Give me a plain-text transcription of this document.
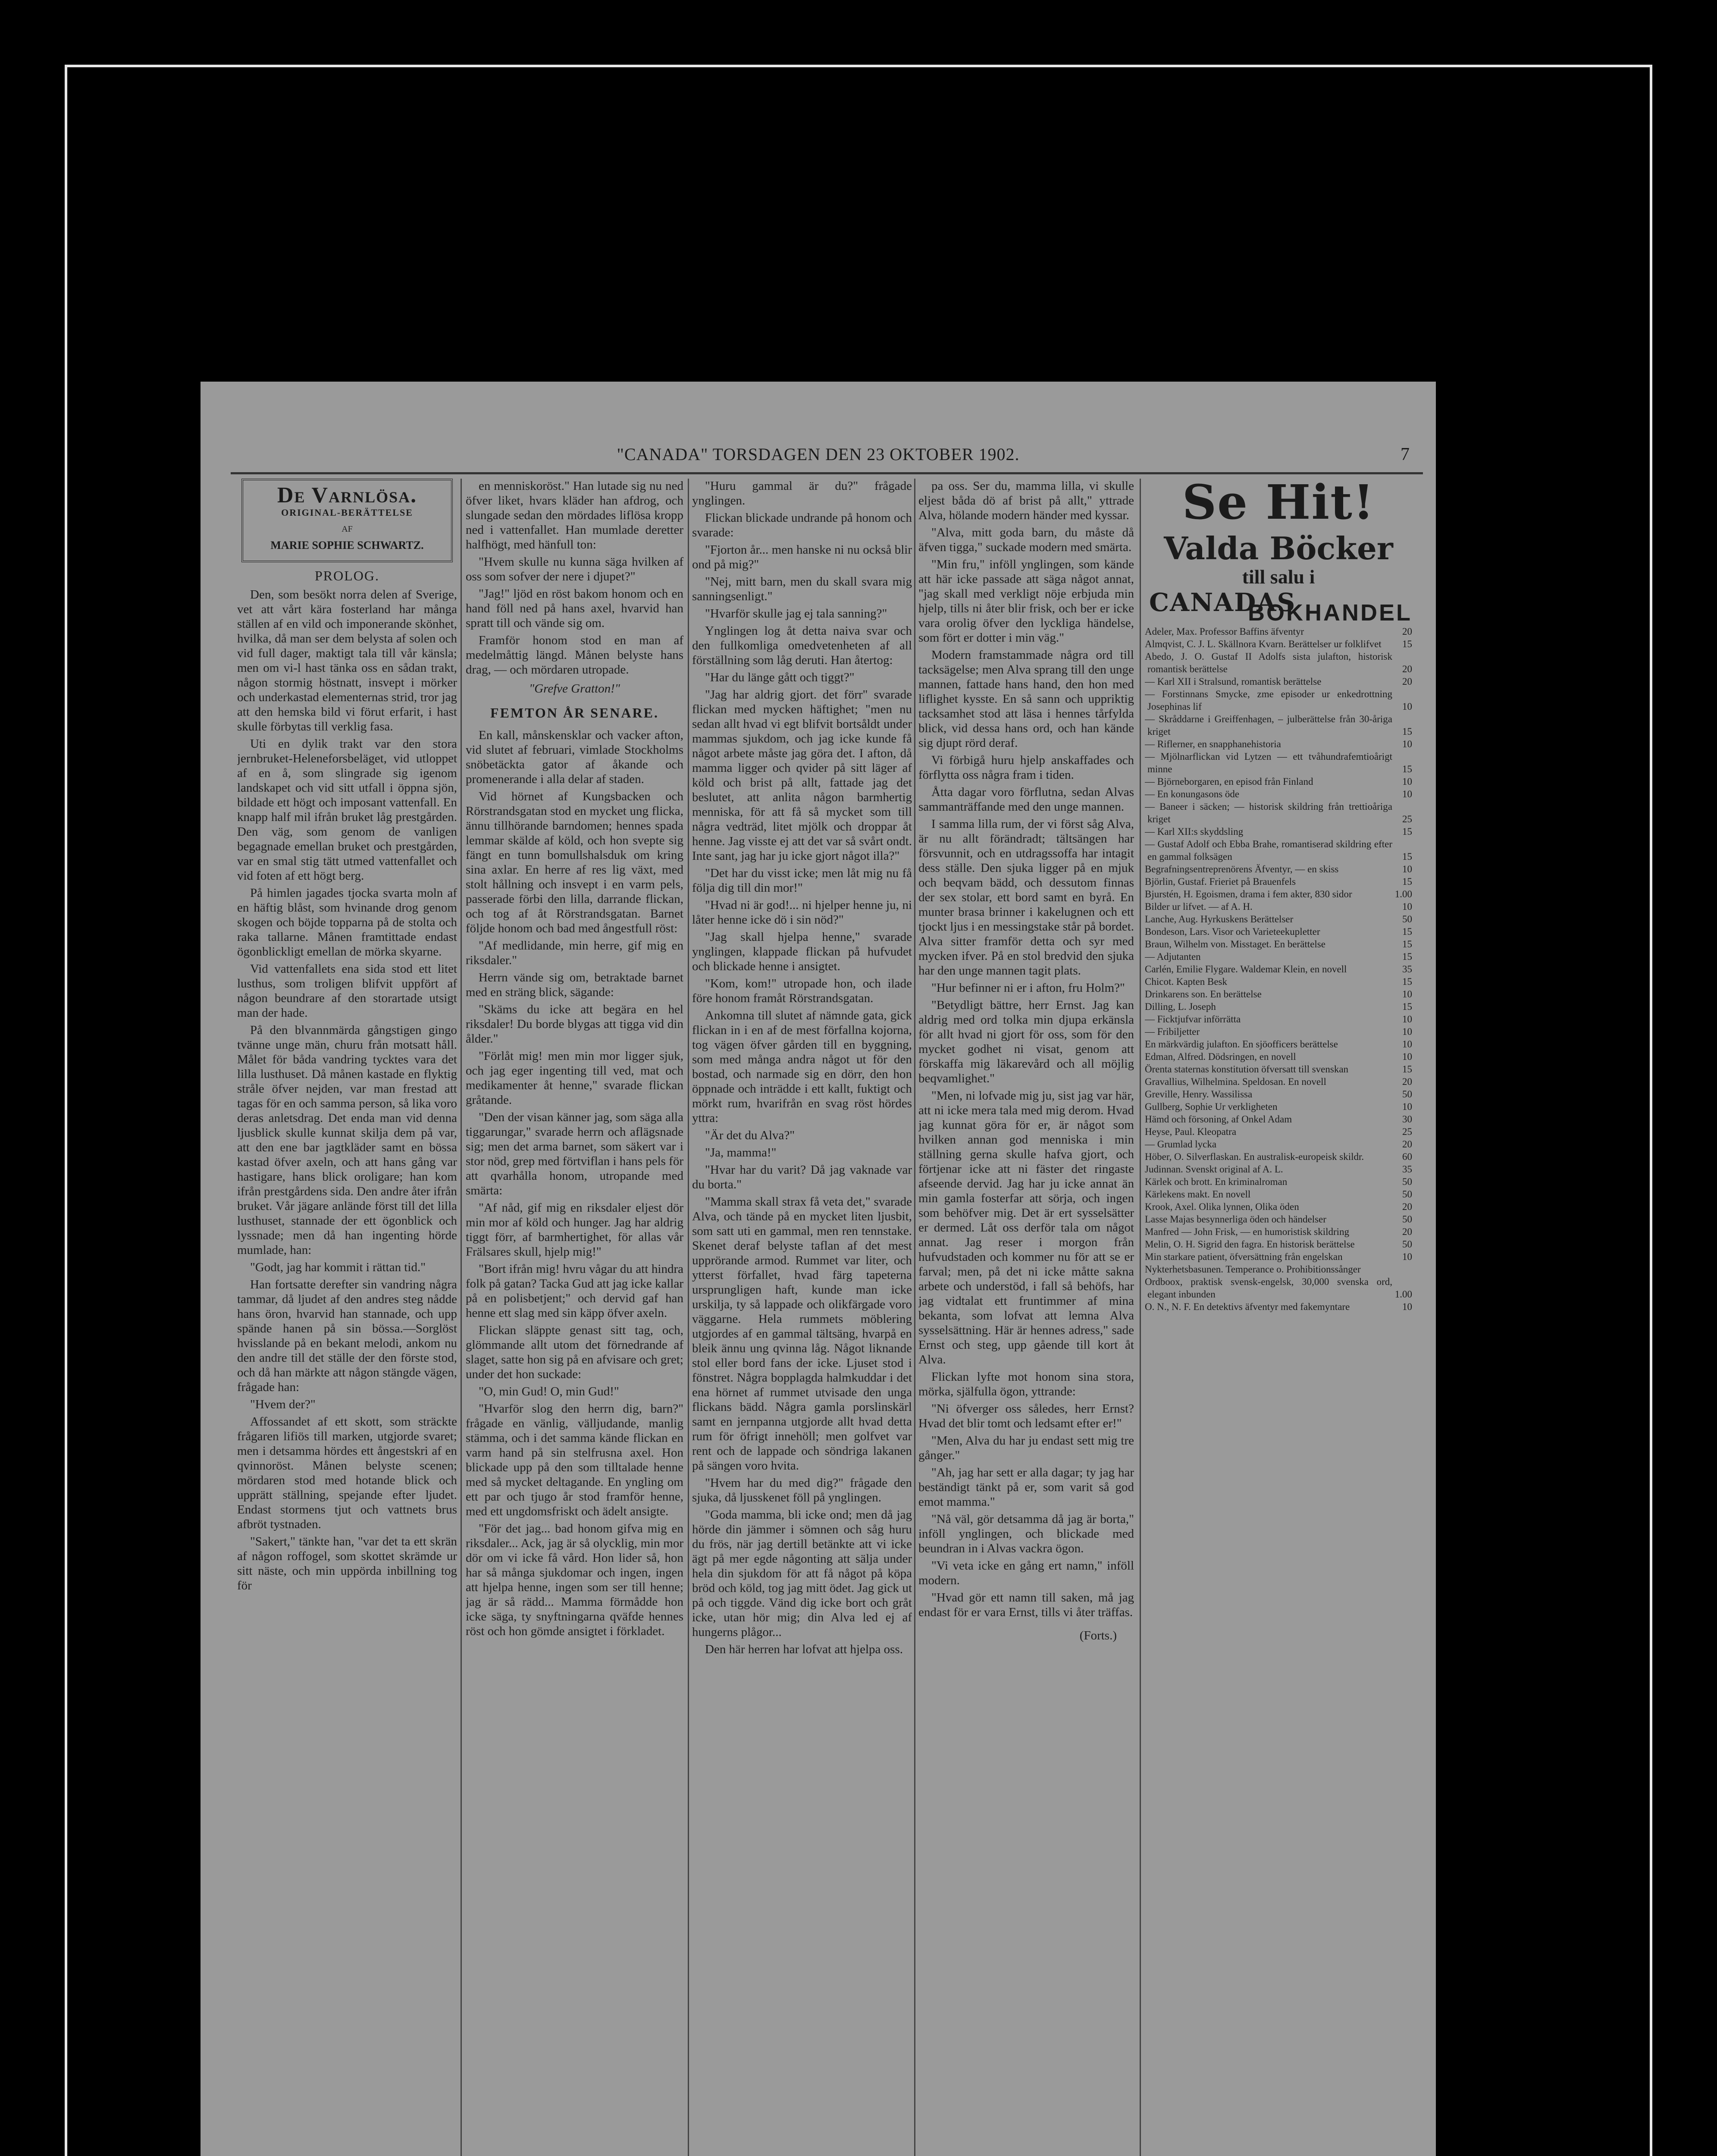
"CANADA" TORSDAGEN DEN 23 OKTOBER 1902.	7
De Varnlösa.
ORIGINAL-BERÄTTELSE
AF
MARIE SOPHIE SCHWARTZ.
PROLOG.

Den, som besökt norra delen af Sverige, vet att vårt kära fosterland har många ställen af en vild och imponerande skönhet, hvilka, då man ser dem belysta af solen och vid full dager, maktigt tala till vår känsla; men om vi-l hast tänka oss en sådan trakt, någon stormig höstnatt, insvept i mörker och underkastad elementernas strid, tror jag att den hemska bild vi förut erfarit, i hast skulle förbytas till verklig fasa.

Uti en dylik trakt var den stora jernbruket-Heleneforsbeläget, vid utloppet af en å, som slingrade sig igenom landskapet och vid sitt utfall i öppna sjön, bildade ett högt och imposant vattenfall. En knapp half mil ifrån bruket låg prestgården. Den väg, som genom de vanligen begagnade emellan bruket och prestgården, var en smal stig tätt utmed vattenfallet och vid foten af ett högt berg.

På himlen jagades tjocka svarta moln af en häftig blåst, som hvinande drog genom skogen och böjde topparna på de stolta och raka tallarne. Månen framtittade endast ögonblickligt emellan de mörka skyarne.

Vid vattenfallets ena sida stod ett litet lusthus, som troligen blifvit uppfört af någon beundrare af den storartade utsigt man der hade.

På den blvannmärda gångstigen gingo tvänne unge män, churu från motsatt håll. Målet för båda vandring tycktes vara det lilla lusthuset. Då månen kastade en flyktig stråle öfver nejden, var man frestad att tagas för en och samma person, så lika voro deras anletsdrag. Det enda man vid denna ljusblick skulle kunnat skilja dem på var, att den ene bar jagtkläder samt en bössa kastad öfver axeln, och att hans gång var hastigare, hans blick oroligare; han kom ifrån prestgårdens sida. Den andre åter ifrån bruket. Vår jägare anlände först till det lilla lusthuset, stannade der ett ögonblick och lyssnade; men då han ingenting hörde mumlade, han:

"Godt, jag har kommit i rättan tid."

Han fortsatte derefter sin vandring några tammar, då ljudet af den andres steg nådde hans öron, hvarvid han stannade, och upp spände hanen på sin bössa.—Sorglöst hvisslande på en bekant melodi, ankom nu den andre till det ställe der den förste stod, och då han märkte att någon stängde vägen, frågade han:

"Hvem der?"

Affossandet af ett skott, som sträckte frågaren lifiös till marken, utgjorde svaret; men i detsamma hördes ett ångestskri af en qvinnoröst. Månen belyste scenen; mördaren stod med hotande blick och upprätt ställning, spejande efter ljudet. Endast stormens tjut och vattnets brus afbröt tystnaden.

"Sakert," tänkte han, "var det ta ett skrän af någon roffogel, som skottet skrämde ur sitt näste, och min uppörda inbillning tog för

en menniskoröst." Han lutade sig nu ned öfver liket, hvars kläder han afdrog, och slungade sedan den mördades liflösa kropp ned i vattenfallet. Han mumlade deretter halfhögt, med hänfull ton:

"Hvem skulle nu kunna säga hvilken af oss som sofver der nere i djupet?"

"Jag!" ljöd en röst bakom honom och en hand föll ned på hans axel, hvarvid han spratt till och vände sig om.

Framför honom stod en man af medelmåttig längd. Månen belyste hans drag, — och mördaren utropade.

"Grefve Gratton!"
FEMTON ÅR SENARE.

En kall, månskensklar och vacker afton, vid slutet af februari, vimlade Stockholms snöbetäckta gator af åkande och promenerande i alla delar af staden.

Vid hörnet af Kungsbacken och Rörstrandsgatan stod en mycket ung flicka, ännu tillhörande barndomen; hennes spada lemmar skälde af köld, och hon svepte sig fängt en tunn bomullshalsduk om kring sina axlar. En herre af res lig växt, med stolt hållning och insvept i en varm pels, passerade förbi den lilla, darrande flickan, och tog af åt Rörstrandsgatan. Barnet följde honom och bad med ångestfull röst:

"Af medlidande, min herre, gif mig en riksdaler."

Herrn vände sig om, betraktade barnet med en sträng blick, sägande:

"Skäms du icke att begära en hel riksdaler! Du borde blygas att tigga vid din ålder."

"Förlåt mig! men min mor ligger sjuk, och jag eger ingenting till ved, mat och medikamenter åt henne," svarade flickan gråtande.

"Den der visan känner jag, som säga alla tiggarungar," svarade herrn och aflägsnade sig; men det arma barnet, som säkert var i stor nöd, grep med förtviflan i hans pels för att qvarhålla honom, utropande med smärta:

"Af nåd, gif mig en riksdaler eljest dör min mor af köld och hunger. Jag har aldrig tiggt förr, af barmhertighet, för allas vår Frälsares skull, hjelp mig!"

"Bort ifrån mig! hvru vågar du att hindra folk på gatan? Tacka Gud att jag icke kallar på en polisbetjent;" och dervid gaf han henne ett slag med sin käpp öfver axeln.

Flickan släppte genast sitt tag, och, glömmande allt utom det förnedrande af slaget, satte hon sig på en afvisare och gret; under det hon suckade:

"O, min Gud! O, min Gud!"

"Hvarför slog den herrn dig, barn?" frågade en vänlig, välljudande, manlig stämma, och i det samma kände flickan en varm hand på sin stelfrusna axel. Hon blickade upp på den som tilltalade henne med så mycket deltagande. En yngling om ett par och tjugo år stod framför henne, med ett ungdomsfriskt och ädelt ansigte.

"För det jag... bad honom gifva mig en riksdaler... Ack, jag är så olycklig, min mor dör om vi icke få vård. Hon lider så, hon har så många sjukdomar och ingen, ingen att hjelpa henne, ingen som ser till henne; jag är så rädd... Mamma förmådde hon icke säga, ty snyftningarna qväfde hennes röst och hon gömde ansigtet i förkladet.

"Huru gammal är du?" frågade ynglingen.

Flickan blickade undrande på honom och svarade:

"Fjorton år... men hanske ni nu också blir ond på mig?"

"Nej, mitt barn, men du skall svara mig sanningsenligt."

"Hvarför skulle jag ej tala sanning?"

Ynglingen log åt detta naiva svar och den fullkomliga omedvetenheten af all förställning som låg deruti. Han återtog:

"Har du länge gått och tiggt?"

"Jag har aldrig gjort. det förr" svarade flickan med mycken häftighet; "men nu sedan allt hvad vi egt blifvit bortsåldt under mammas sjukdom, och jag icke kunde få något arbete måste jag göra det. I afton, då mamma ligger och qvider på sitt läger af köld och brist på allt, fattade jag det beslutet, att anlita någon barmhertig menniska, för att få så mycket som till några vedträd, litet mjölk och droppar åt henne. Jag visste ej att det var så svårt ondt. Inte sant, jag har ju icke gjort något illa?"

"Det har du visst icke; men låt mig nu få följa dig till din mor!"

"Hvad ni är god!... ni hjelper henne ju, ni låter henne icke dö i sin nöd?"

"Jag skall hjelpa henne," svarade ynglingen, klappade flickan på hufvudet och blickade henne i ansigtet.

"Kom, kom!" utropade hon, och ilade före honom framåt Rörstrandsgatan.

Ankomna till slutet af nämnde gata, gick flickan in i en af de mest förfallna kojorna, tog vägen öfver gården till en byggning, som med många andra något ut för den bostad, och narmade sig en dörr, den hon öppnade och inträdde i ett kallt, fuktigt och mörkt rum, hvarifrån en svag röst hördes yttra:

"Är det du Alva?"

"Ja, mamma!"

"Hvar har du varit? Då jag vaknade var du borta."

"Mamma skall strax få veta det," svarade Alva, och tände på en mycket liten ljusbit, som satt uti en gammal, men ren tennstake. Skenet deraf belyste taflan af det mest upprörande armod. Rummet var liter, och ytterst förfallet, hvad färg tapeterna ursprungligen haft, kunde man icke urskilja, ty så lappade och olikfärgade voro väggarne. Hela rummets möblering utgjordes af en gammal tältsäng, hvarpå en bleik ännu ung qvinna låg. Något liknande stol eller bord fans der icke. Ljuset stod i fönstret. Några bopplagda halmkuddar i det ena hörnet af rummet utvisade den unga flickans bädd. Några gamla porslinskärl samt en jernpanna utgjorde allt hvad detta rum för öfrigt innehöll; men golfvet var rent och de lappade och söndriga lakanen på sängen voro hvita.

"Hvem har du med dig?" frågade den sjuka, då ljusskenet föll på ynglingen.

"Goda mamma, bli icke ond; men då jag hörde din jämmer i sömnen och såg huru du frös, när jag dertill betänkte att vi icke ägt på mer egde någonting att sälja under hela din sjukdom för att få något på köpa bröd och köld, tog jag mitt ödet. Jag gick ut på och tiggde. Vänd dig icke bort och gråt icke, utan hör mig; din Alva led ej af hungerns plågor...

Den här herren har lofvat att hjelpa oss.

pa oss. Ser du, mamma lilla, vi skulle eljest båda dö af brist på allt," yttrade Alva, hölande modern händer med kyssar.

"Alva, mitt goda barn, du måste då äfven tigga," suckade modern med smärta.

"Min fru," inföll ynglingen, som kände att här icke passade att säga något annat, "jag skall med verkligt nöje erbjuda min hjelp, tills ni åter blir frisk, och ber er icke vara orolig öfver den lyckliga händelse, som fört er dotter i min väg."

Modern framstammade några ord till tacksägelse; men Alva sprang till den unge mannen, fattade hans hand, den hon med liflighet kysste. En så sann och uppriktig tacksamhet stod att läsa i hennes tårfylda blick, vid dessa hans ord, och han kände sig djupt rörd deraf.

Vi förbigå huru hjelp anskaffades och förflytta oss några fram i tiden.

Åtta dagar voro förflutna, sedan Alvas sammanträffande med den unge mannen.

I samma lilla rum, der vi först såg Alva, är nu allt förändradt; tältsängen har försvunnit, och en utdragssoffa har intagit dess ställe. Den sjuka ligger på en mjuk och beqvam bädd, och dessutom finnas der sex stolar, ett bord samt en byrå. En munter brasa brinner i kakelugnen och ett tjockt ljus i en messingstake står på bordet. Alva sitter framför detta och syr med mycken ifver. På en stol bredvid den sjuka har den unge mannen tagit plats.

"Hur befinner ni er i afton, fru Holm?"

"Betydligt bättre, herr Ernst. Jag kan aldrig med ord tolka min djupa erkänsla för allt hvad ni gjort för oss, som för den mycket godhet ni visat, genom att förskaffa mig läkarevård och all möjlig beqvamlighet."

"Men, ni lofvade mig ju, sist jag var här, att ni icke mera tala med mig derom. Hvad jag kunnat göra för er, är något som hvilken annan god menniska i min ställning gerna skulle hafva gjort, och förtjenar icke att ni fäster det ringaste afseende dervid. Jag har ju icke annat än min gamla fosterfar att sörja, och ingen som behöfver mig. Det är ert sysselsätter er dermed. Låt oss derför tala om något annat. Jag reser i morgon från hufvudstaden och kommer nu för att se er farval; men, på det ni icke måtte sakna arbete och understöd, i fall så behöfs, har jag vidtalat ett fruntimmer af mina bekanta, som lofvat att lemna Alva sysselsättning. Här är hennes adress," sade Ernst och steg, upp gående till kort åt Alva.

Flickan lyfte mot honom sina stora, mörka, själfulla ögon, yttrande:

"Ni öfverger oss således, herr Ernst? Hvad det blir tomt och ledsamt efter er!"

"Men, Alva du har ju endast sett mig tre gånger."

"Ah, jag har sett er alla dagar; ty jag har beständigt tänkt på er, som varit så god emot mamma."

"Nå väl, gör detsamma då jag är borta," inföll ynglingen, och blickade med beundran in i Alvas vackra ögon.

"Vi veta icke en gång ert namn," inföll modern.

"Hvad gör ett namn till saken, må jag endast för er vara Ernst, tills vi åter träffas.

(Forts.)
Se Hit!
Valda Böcker
till salu i
CANADAS
BOKHANDEL
Adeler, Max. Professor Baffins äfventyr	20
Almqvist, C. J. L. Skällnora Kvarn. Berättelser ur folklifvet	15
Abedo, J. O. Gustaf II Adolfs sista julafton, historisk romantisk berättelse	20
— Karl XII i Stralsund, romantisk berättelse	20
— Forstinnans Smycke, zme episoder ur enkedrottning Josephinas lif	10
— Skråddarne i Greiffenhagen, – julberättelse från 30-åriga kriget	15
— Riflerner, en snapphanehistoria	10
— Mjölnarflickan vid Lytzen — ett tvåhundrafemtioårigt minne	15
— Björneborgaren, en episod från Finland	10
— En konungasons öde	10
— Baneer i säcken; — historisk skildring från trettioåriga kriget	25
— Karl XII:s skyddsling	15
— Gustaf Adolf och Ebba Brahe, romantiserad skildring efter en gammal folksägen	15
Begrafningsentreprenörens Äfventyr, — en skiss	10
Björlin, Gustaf. Frieriet på Brauenfels	15
Bjurstén, H. Egoismen, drama i fem akter, 830 sidor	1.00
Bilder ur lifvet. — af A. H.	10
Lanche, Aug. Hyrkuskens Berättelser	50
Bondeson, Lars. Visor och Varieteekupletter	15
Braun, Wilhelm von. Misstaget. En berättelse	15
— Adjutanten	15
Carlén, Emilie Flygare. Waldemar Klein, en novell	35
Chicot. Kapten Besk	15
Drinkarens son. En berättelse	10
Dilling, L. Joseph	15
— Ficktjufvar införrätta	10
— Fribiljetter	10
En märkvärdig julafton. En sjöofficers berättelse	10
Edman, Alfred. Dödsringen, en novell	10
Örenta staternas konstitution öfversatt till svenskan	15
Gravallius, Wilhelmina. Speldosan. En novell	20
Greville, Henry. Wassilissa	50
Gullberg, Sophie Ur verkligheten	10
Hämd och försoning, af Onkel Adam	30
Heyse, Paul. Kleopatra	25
— Grumlad lycka	20
Höber, O. Silverflaskan. En australisk-europeisk skildr.	60
Judinnan. Svenskt original af A. L.	35
Kärlek och brott. En kriminalroman	50
Kärlekens makt. En novell	50
Krook, Axel. Olika lynnen, Olika öden	20
Lasse Majas besynnerliga öden och händelser	50
Manfred — John Frisk, — en humoristisk skildring	20
Melin, O. H. Sigrid den fagra. En historisk berättelse	50
Min starkare patient, öfversättning från engelskan	10
Nykterhetsbasunen. Temperance o. Prohibitionssånger
Ordboox, praktisk svensk-engelsk, 30,000 svenska ord, elegant inbunden	1.00
O. N., N. F. En detektivs äfventyr med fakemyntare	10
